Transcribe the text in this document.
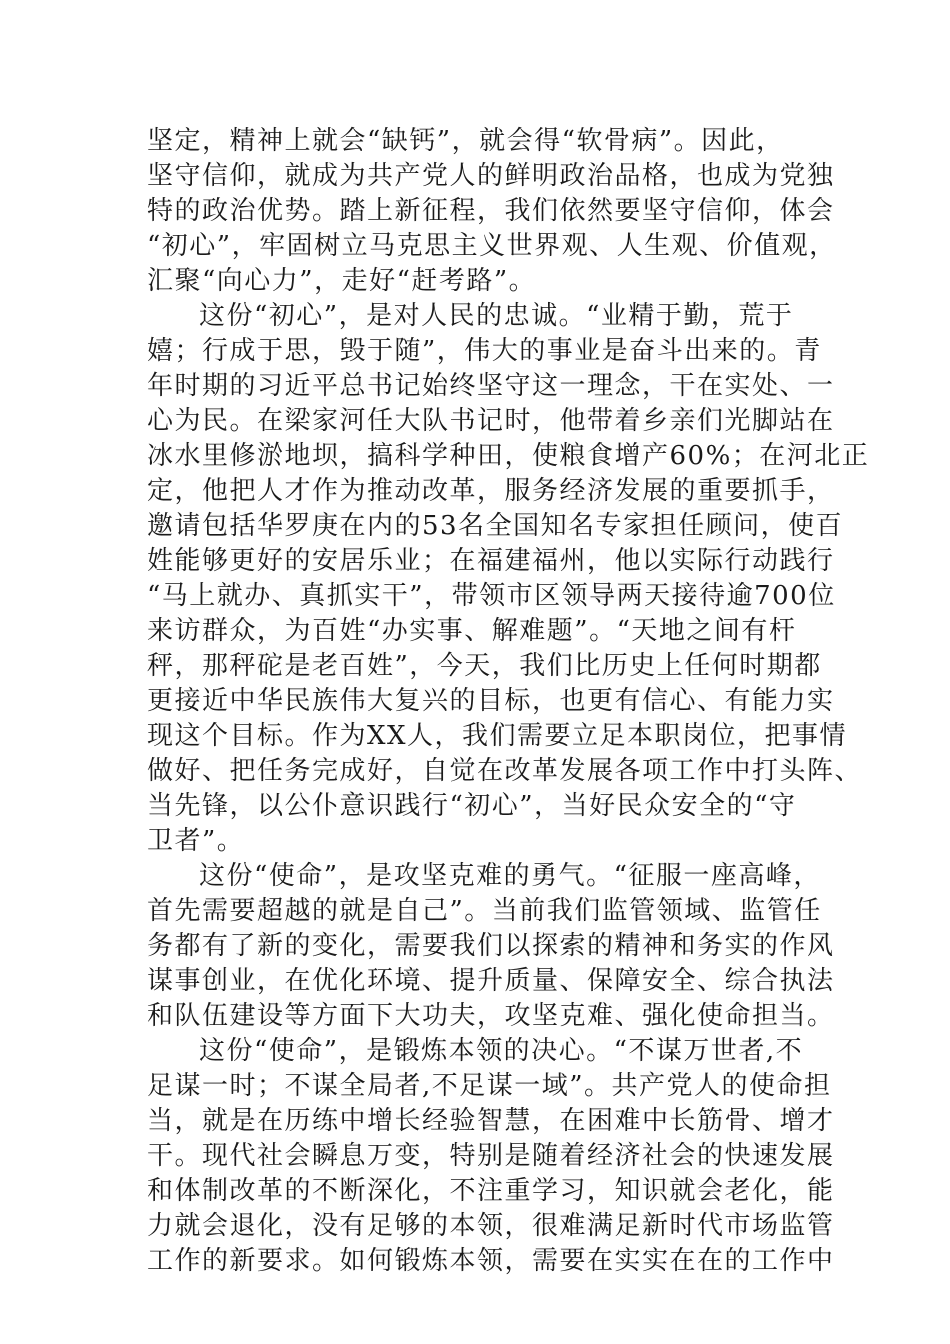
坚定，精神上就会“缺钙”，就会得“软骨病”。因此，
坚守信仰，就成为共产党人的鲜明政治品格，也成为党独
特的政治优势。踏上新征程，我们依然要坚守信仰，体会
“初心”，牢固树立马克思主义世界观、人生观、价值观，
汇聚“向心力”，走好“赶考路”。
这份“初心”，是对人民的忠诚。“业精于勤，荒于
嬉；行成于思，毁于随”，伟大的事业是奋斗出来的。青
年时期的习近平总书记始终坚守这一理念，干在实处、一
心为民。在梁家河任大队书记时，他带着乡亲们光脚站在
冰水里修淤地坝，搞科学种田，使粮食增产60%；在河北正
定，他把人才作为推动改革，服务经济发展的重要抓手，
邀请包括华罗庚在内的53名全国知名专家担任顾问，使百
姓能够更好的安居乐业；在福建福州，他以实际行动践行
“马上就办、真抓实干”，带领市区领导两天接待逾700位
来访群众，为百姓“办实事、解难题”。“天地之间有杆
秤，那秤砣是老百姓”，今天，我们比历史上任何时期都
更接近中华民族伟大复兴的目标，也更有信心、有能力实
现这个目标。作为XX人，我们需要立足本职岗位，把事情
做好、把任务完成好，自觉在改革发展各项工作中打头阵、
当先锋，以公仆意识践行“初心”，当好民众安全的“守
卫者”。
这份“使命”，是攻坚克难的勇气。“征服一座高峰，
首先需要超越的就是自己”。当前我们监管领域、监管任
务都有了新的变化，需要我们以探索的精神和务实的作风
谋事创业，在优化环境、提升质量、保障安全、综合执法
和队伍建设等方面下大功夫，攻坚克难、强化使命担当。
这份“使命”，是锻炼本领的决心。“不谋万世者,不
足谋一时；不谋全局者,不足谋一域”。共产党人的使命担
当，就是在历练中增长经验智慧，在困难中长筋骨、增才
干。现代社会瞬息万变，特别是随着经济社会的快速发展
和体制改革的不断深化，不注重学习，知识就会老化，能
力就会退化，没有足够的本领，很难满足新时代市场监管
工作的新要求。如何锻炼本领，需要在实实在在的工作中
